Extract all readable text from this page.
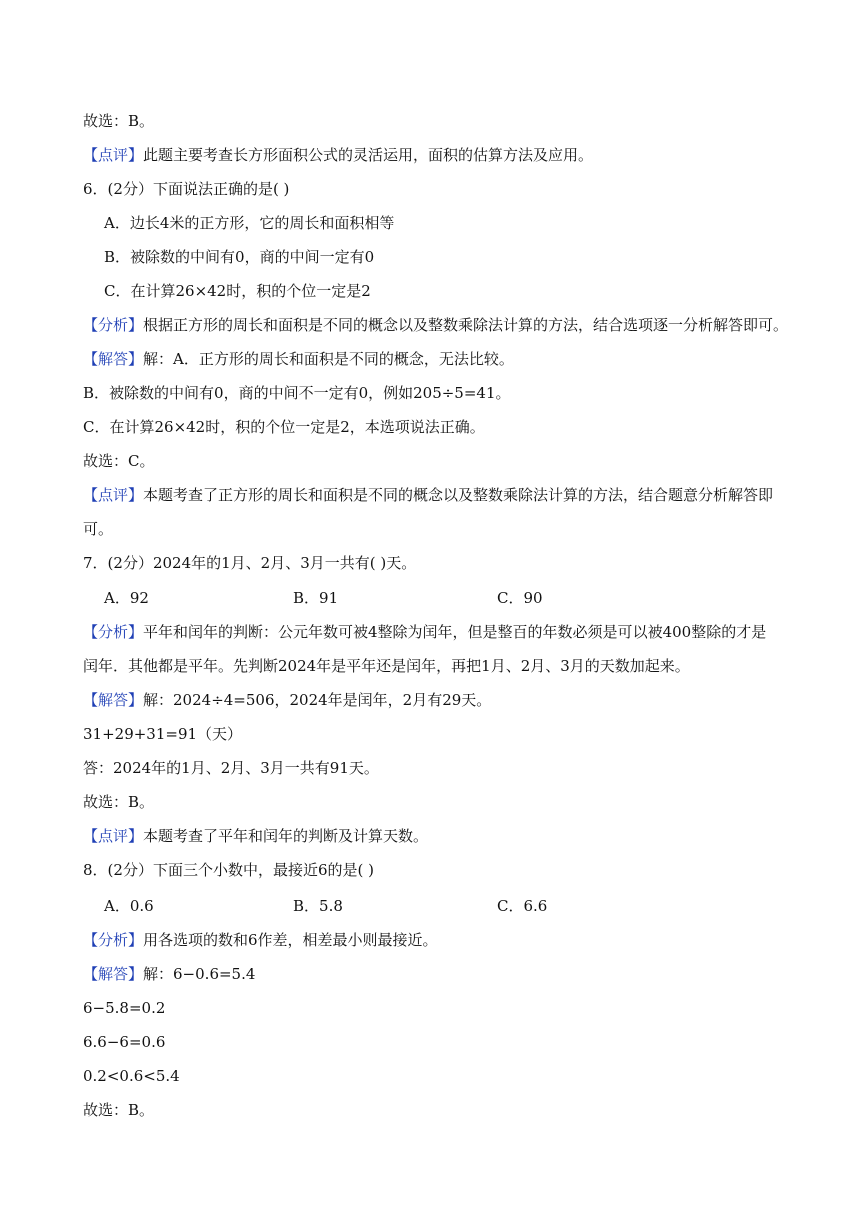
故选：B。
【点评】此题主要考查长方形面积公式的灵活运用，面积的估算方法及应用。
6．(2分）下面说法正确的是( )
A．边长4米的正方形，它的周长和面积相等
B．被除数的中间有0，商的中间一定有0
C．在计算26×42时，积的个位一定是2
【分析】根据正方形的周长和面积是不同的概念以及整数乘除法计算的方法，结合选项逐一分析解答即可。
【解答】解：A．正方形的周长和面积是不同的概念，无法比较。
B．被除数的中间有0，商的中间不一定有0，例如205÷5=41。
C．在计算26×42时，积的个位一定是2，本选项说法正确。
故选：C。
【点评】本题考查了正方形的周长和面积是不同的概念以及整数乘除法计算的方法，结合题意分析解答即
可。
7．(2分）2024年的1月、2月、3月一共有( )天。
A．92	B．91	C．90
【分析】平年和闰年的判断：公元年数可被4整除为闰年，但是整百的年数必须是可以被400整除的才是
闰年．其他都是平年。先判断2024年是平年还是闰年，再把1月、2月、3月的天数加起来。
【解答】解：2024÷4=506，2024年是闰年，2月有29天。
31+29+31=91（天）
答：2024年的1月、2月、3月一共有91天。
故选：B。
【点评】本题考查了平年和闰年的判断及计算天数。
8．(2分）下面三个小数中，最接近6的是( )
A．0.6	B．5.8	C．6.6
【分析】用各选项的数和6作差，相差最小则最接近。
【解答】解：6−0.6=5.4
6−5.8=0.2
6.6−6=0.6
0.2<0.6<5.4
故选：B。
